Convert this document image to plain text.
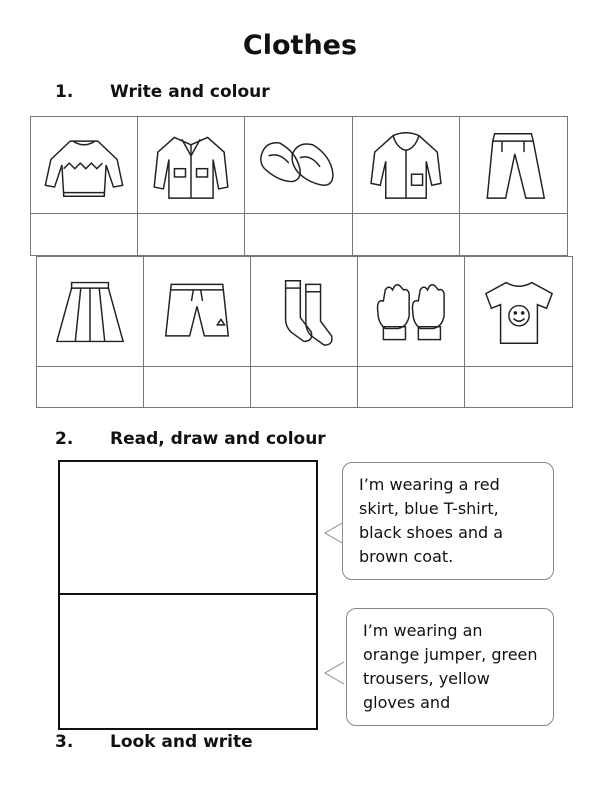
Clothes
1. Write and colour
2. Read, draw and colour
I’m wearing a red skirt, blue T-shirt, black shoes and a brown coat.
I’m wearing an orange jumper, green trousers, yellow gloves and
3. Look and write
